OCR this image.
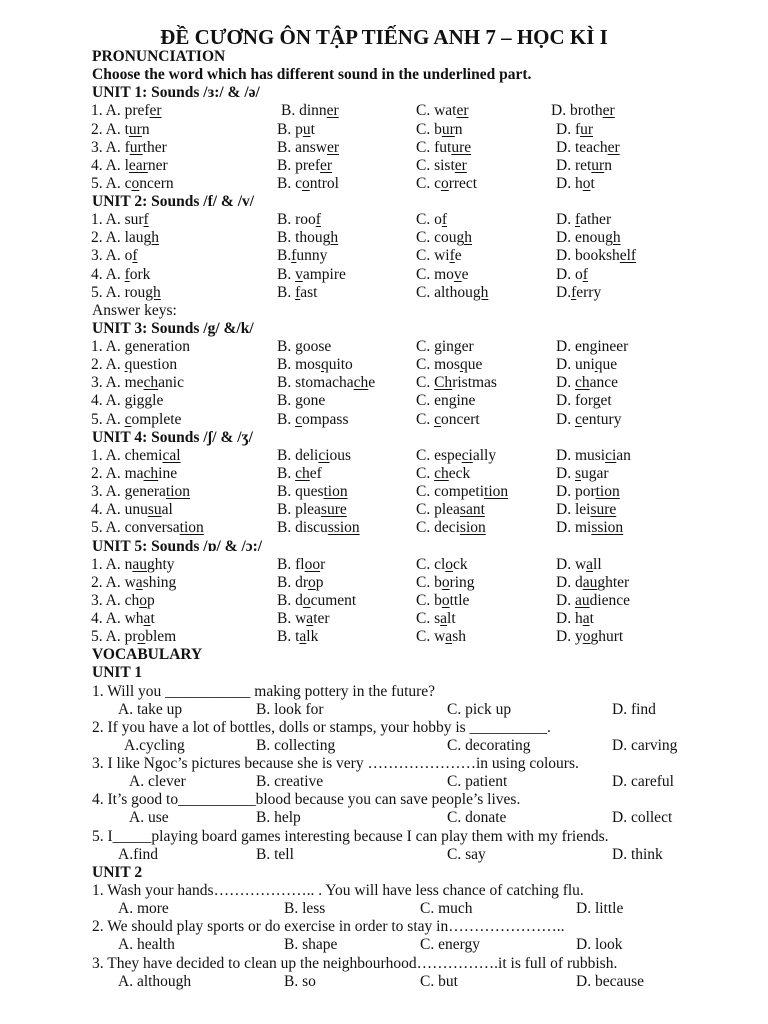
ĐỀ CƯƠNG ÔN TẬP TIẾNG ANH 7 – HỌC KÌ I
PRONUNCIATION
Choose the word which has different sound in the underlined part.
UNIT 1: Sounds /ɜ:/ & /ə/
1. A. prefer	B. dinner	C. water	D. brother
2. A. turn	B. put	C. burn	D. fur
3. A. further	B. answer	C. future	D. teacher
4. A. learner	B. prefer	C. sister	D. return
5. A. concern	B. control	C. correct	D. hot
UNIT 2: Sounds /f/ & /v/
1. A. surf	B. roof	C. of	D. father
2. A. laugh	B. though	C. cough	D. enough
3. A. of	B.funny	C. wife	D. bookshelf
4. A. fork	B. vampire	C. move	D. of
5. A. rough	B. fast	C. although	D.ferry
Answer keys:
UNIT 3: Sounds /g/ &/k/
1. A. generation	B. goose	C. ginger	D. engineer
2. A. question	B. mosquito	C. mosque	D. unique
3. A. mechanic	B. stomachache	C. Christmas	D. chance
4. A. giggle	B. gone	C. engine	D. forget
5. A. complete	B. compass	C. concert	D. century
UNIT 4: Sounds /ʃ/ & /ʒ/
1. A. chemical	B. delicious	C. especially	D. musician
2. A. machine	B. chef	C. check	D. sugar
3. A. generation	B. question	C. competition	D. portion
4. A. unusual	B. pleasure	C. pleasant	D. leisure
5. A. conversation	B. discussion	C. decision	D. mission
UNIT 5: Sounds /ɒ/ & /ɔ:/
1. A. naughty	B. floor	C. clock	D. wall
2. A. washing	B. drop	C. boring	D. daughter
3. A. chop	B. document	C. bottle	D. audience
4. A. what	B. water	C. salt	D. hat
5. A. problem	B. talk	C. wash	D. yoghurt
VOCABULARY
UNIT 1
1. Will you ___________ making pottery in the future?
A. take up	B. look for	C. pick up	D. find
2. If you have a lot of bottles, dolls or stamps, your hobby is __________.
A.cycling	B. collecting	C. decorating	D. carving
3. I like Ngoc’s pictures because she is very …………………in using colours.
A. clever	B. creative	C. patient	D. careful
4. It’s good to__________blood because you can save people’s lives.
A. use	B. help	C. donate	D. collect
5. I_____playing board games interesting because I can play them with my friends.
A.find	B. tell	C. say	D. think
UNIT 2
1. Wash your hands……………….. . You will have less chance of catching flu.
A. more	B. less	C. much	D. little
2. We should play sports or do exercise in order to stay in…………………..
A. health	B. shape	C. energy	D. look
3. They have decided to clean up the neighbourhood…………….it is full of rubbish.
A. although	B. so	C. but	D. because
